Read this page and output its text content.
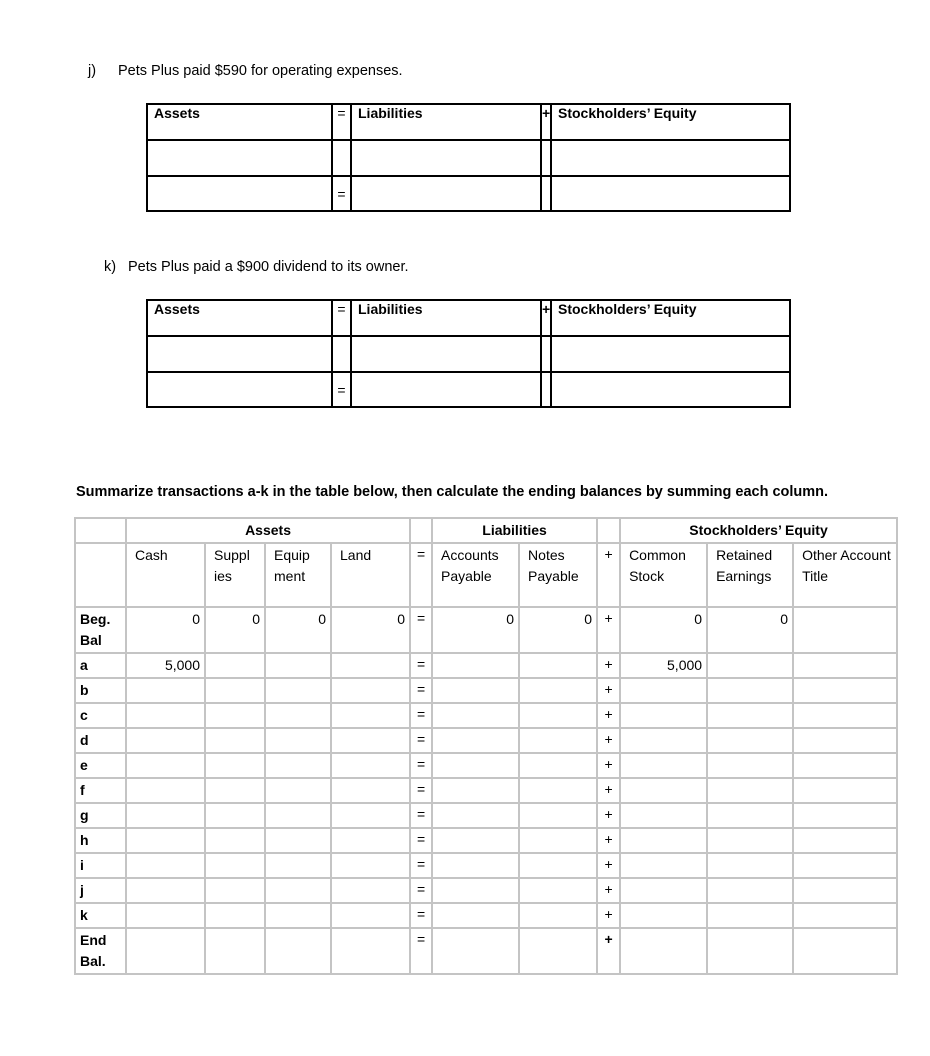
j) Pets Plus paid $590 for operating expenses.
Assets	=	Liabilities	+	Stockholders’ Equity

	=			
k) Pets Plus paid a $900 dividend to its owner.
Assets	=	Liabilities	+	Stockholders’ Equity

	=			
Summarize transactions a-k in the table below, then calculate the ending balances by summing each column.
	Assets					Liabilities			Stockholders’ Equity		
	Cash	Suppl ies	Equip ment	Land	=	Accounts Payable	Notes Payable	+	Common Stock	Retained Earnings	Other Account Title
Beg. Bal	0	0	0	0	=	0	0	+	0	0	
a	5,000				=			+	5,000		
b					=			+			
c					=			+			
d					=			+			
e					=			+			
f					=			+			
g					=			+			
h					=			+			
i					=			+			
j					=			+			
k					=			+			
End Bal.					=			+			
